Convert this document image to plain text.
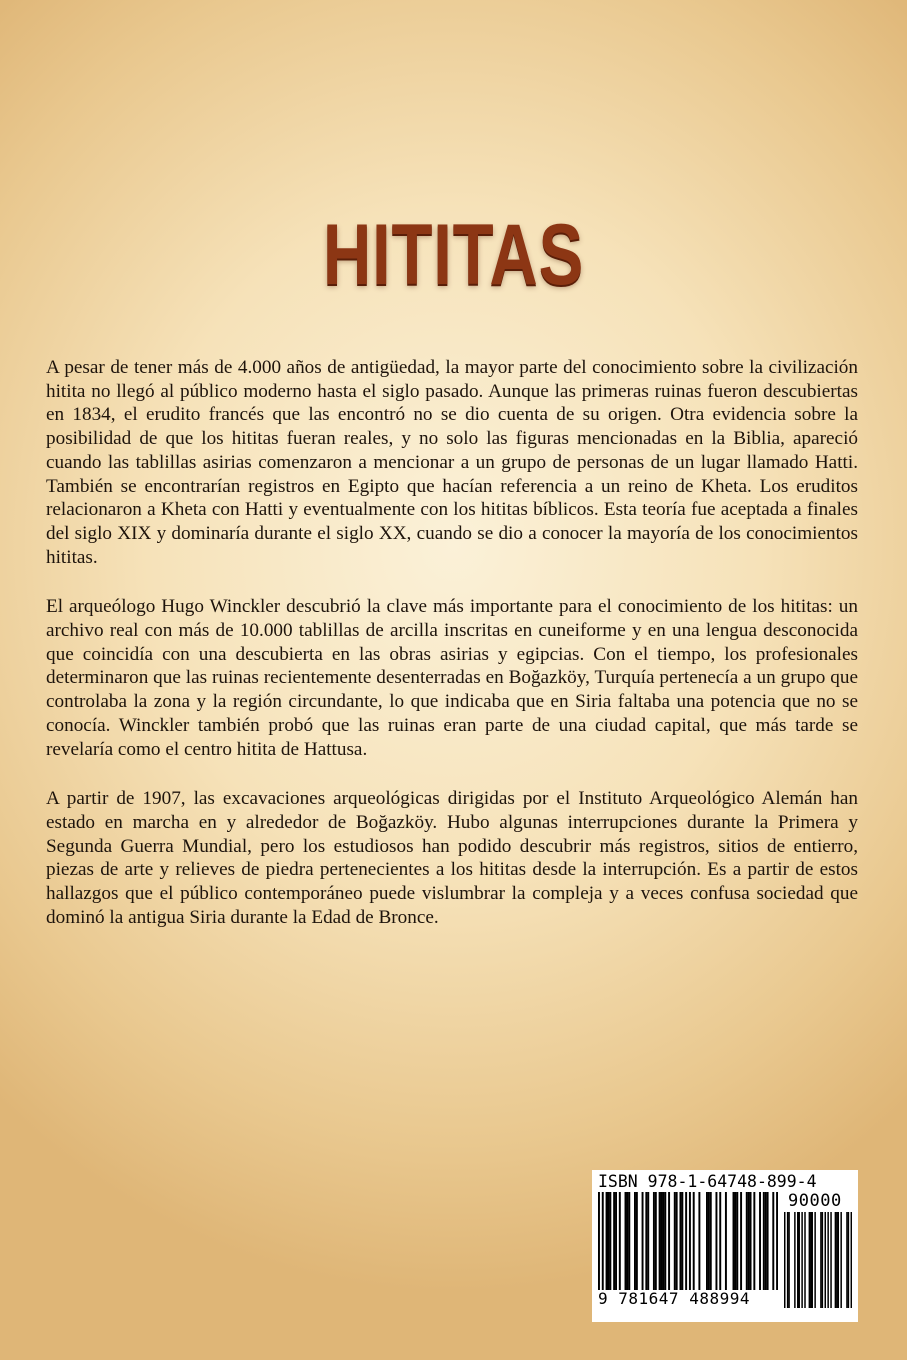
HITITAS

A pesar de tener más de 4.000 años de antigüedad, la mayor parte del conocimiento sobre la civilización hitita no llegó al público moderno hasta el siglo pasado. Aunque las primeras ruinas fueron descubiertas en 1834, el erudito francés que las encontró no se dio cuenta de su origen. Otra evidencia sobre la posibilidad de que los hititas fueran reales, y no solo las figuras mencionadas en la Biblia, apareció cuando las tablillas asirias comenzaron a mencionar a un grupo de personas de un lugar llamado Hatti. También se encontrarían registros en Egipto que hacían referencia a un reino de Kheta. Los eruditos relacionaron a Kheta con Hatti y eventualmente con los hititas bíblicos. Esta teoría fue aceptada a finales del siglo XIX y dominaría durante el siglo XX, cuando se dio a conocer la mayoría de los conocimientos hititas.

El arqueólogo Hugo Winckler descubrió la clave más importante para el conocimiento de los hititas: un archivo real con más de 10.000 tablillas de arcilla inscritas en cuneiforme y en una lengua desconocida que coincidía con una descubierta en las obras asirias y egipcias. Con el tiempo, los profesionales determinaron que las ruinas recientemente desenterradas en Boğazköy, Turquía pertenecía a un grupo que controlaba la zona y la región circundante, lo que indicaba que en Siria faltaba una potencia que no se conocía. Winckler también probó que las ruinas eran parte de una ciudad capital, que más tarde se revelaría como el centro hitita de Hattusa.

A partir de 1907, las excavaciones arqueológicas dirigidas por el Instituto Arqueológico Alemán han estado en marcha en y alrededor de Boğazköy. Hubo algunas interrupciones durante la Primera y Segunda Guerra Mundial, pero los estudiosos han podido descubrir más registros, sitios de entierro, piezas de arte y relieves de piedra pertenecientes a los hititas desde la interrupción. Es a partir de estos hallazgos que el público contemporáneo puede vislumbrar la compleja y a veces confusa sociedad que dominó la antigua Siria durante la Edad de Bronce.

ISBN 978-1-64748-899-4
9 781647 488994
90000
